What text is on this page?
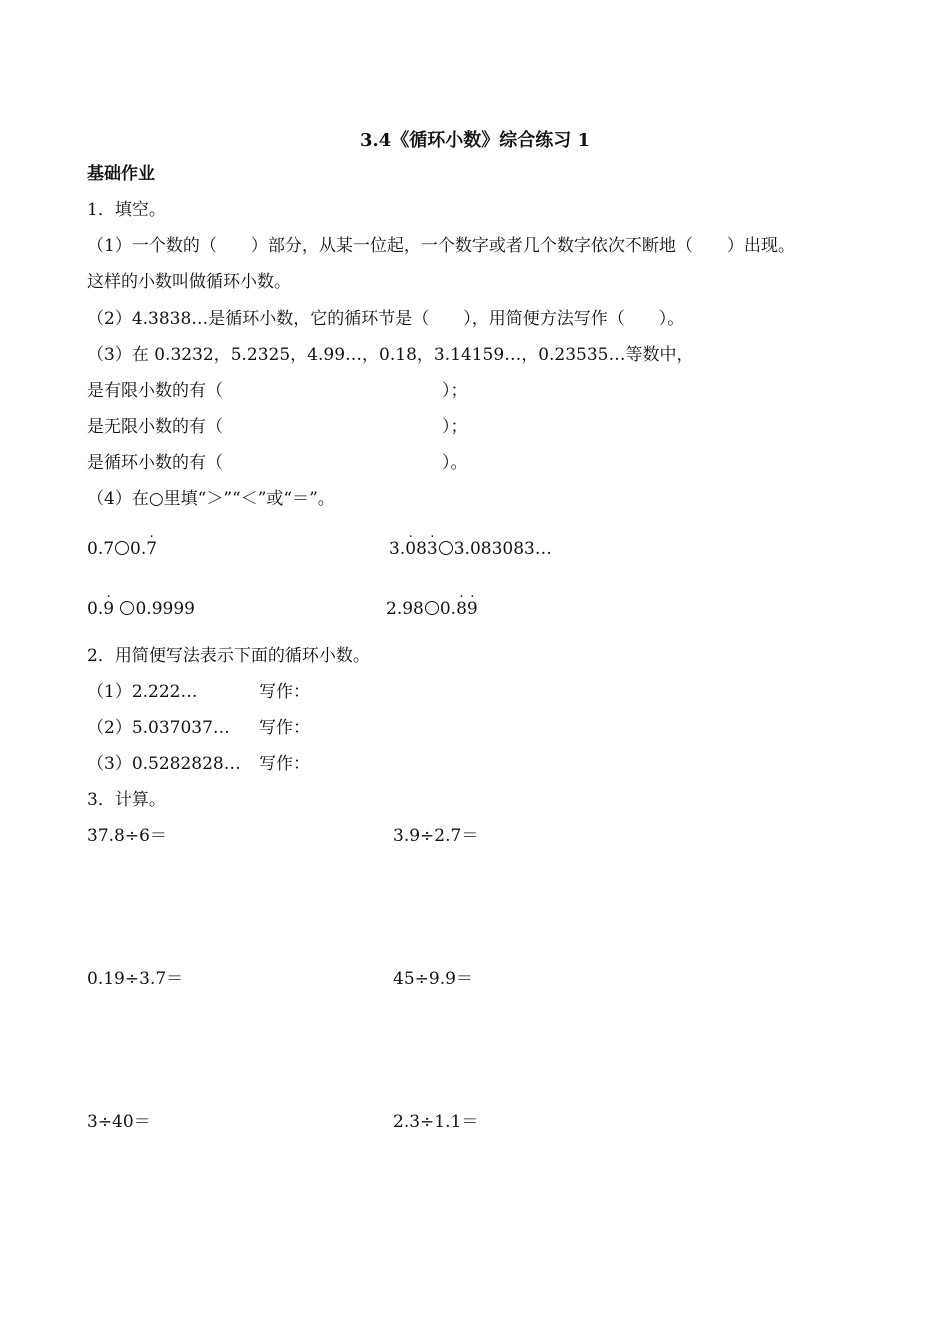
3.4《循环小数》综合练习 1
基础作业
1．填空。
（1）一个数的（　　）部分，从某一位起，一个数字或者几个数字依次不断地（　　）出现。
这样的小数叫做循环小数。
（2）4.3838…是循环小数，它的循环节是（　　），用简便方法写作（　　）。
（3）在 0.3232，5.2325，4.99…，0.18，3.14159…，0.23535…等数中，
是有限小数的有（	）；
是无限小数的有（	）；
是循环小数的有（	）。
（4）在○里填“＞”“＜”或“＝”。
0.7 0.. 7	3.. 08. 3 3.083083…
0.. 9 0.9999	2.98 0.. 8. 9
2．用简便写法表示下面的循环小数。
（1）2.222…	写作：
（2）5.037037… 写作：
（3）0.5282828… 写作：
3．计算。
37.8÷6＝	3.9÷2.7＝
0.19÷3.7＝	45÷9.9＝
3÷40＝	2.3÷1.1＝
